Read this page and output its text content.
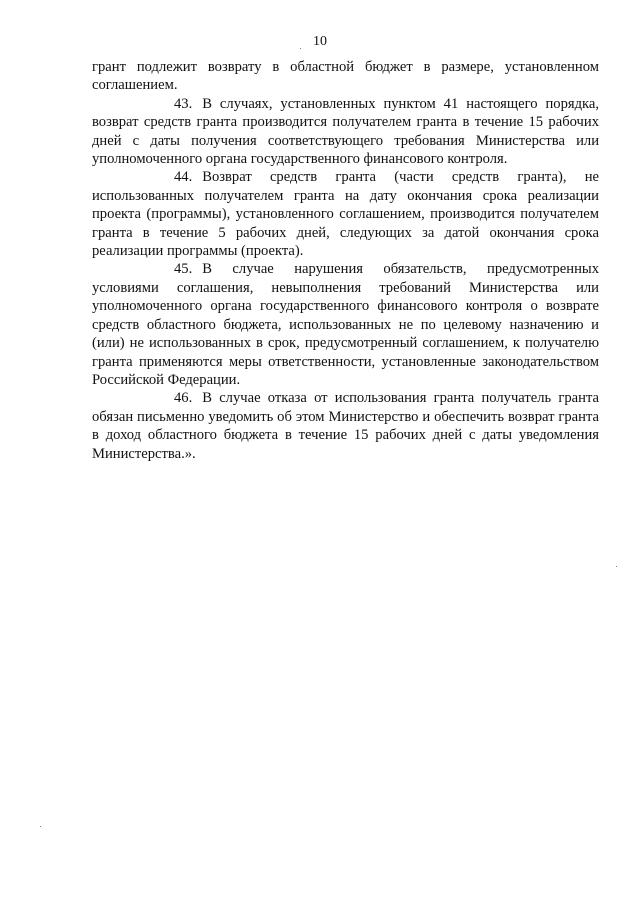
10

грант подлежит возврату в областной бюджет в размере, установленном соглашением.

43. В случаях, установленных пунктом 41 настоящего порядка, возврат средств гранта производится получателем гранта в течение 15 рабочих дней с даты получения соответствующего требования Министерства или уполномоченного органа государственного финансового контроля.

44. Возврат средств гранта (части средств гранта), не использованных получателем гранта на дату окончания срока реализации проекта (программы), установленного соглашением, производится получателем гранта в течение 5 рабочих дней, следующих за датой окончания срока реализации программы (проекта).

45. В случае нарушения обязательств, предусмотренных условиями соглашения, невыполнения требований Министерства или уполномоченного органа государственного финансового контроля о возврате средств областного бюджета, использованных не по целевому назначению и (или) не использованных в срок, предусмотренный соглашением, к получателю гранта применяются меры ответственности, установленные законодательством Российской Федерации.

46. В случае отказа от использования гранта получатель гранта обязан письменно уведомить об этом Министерство и обеспечить возврат гранта в доход областного бюджета в течение 15 рабочих дней с даты уведомления Министерства.».
